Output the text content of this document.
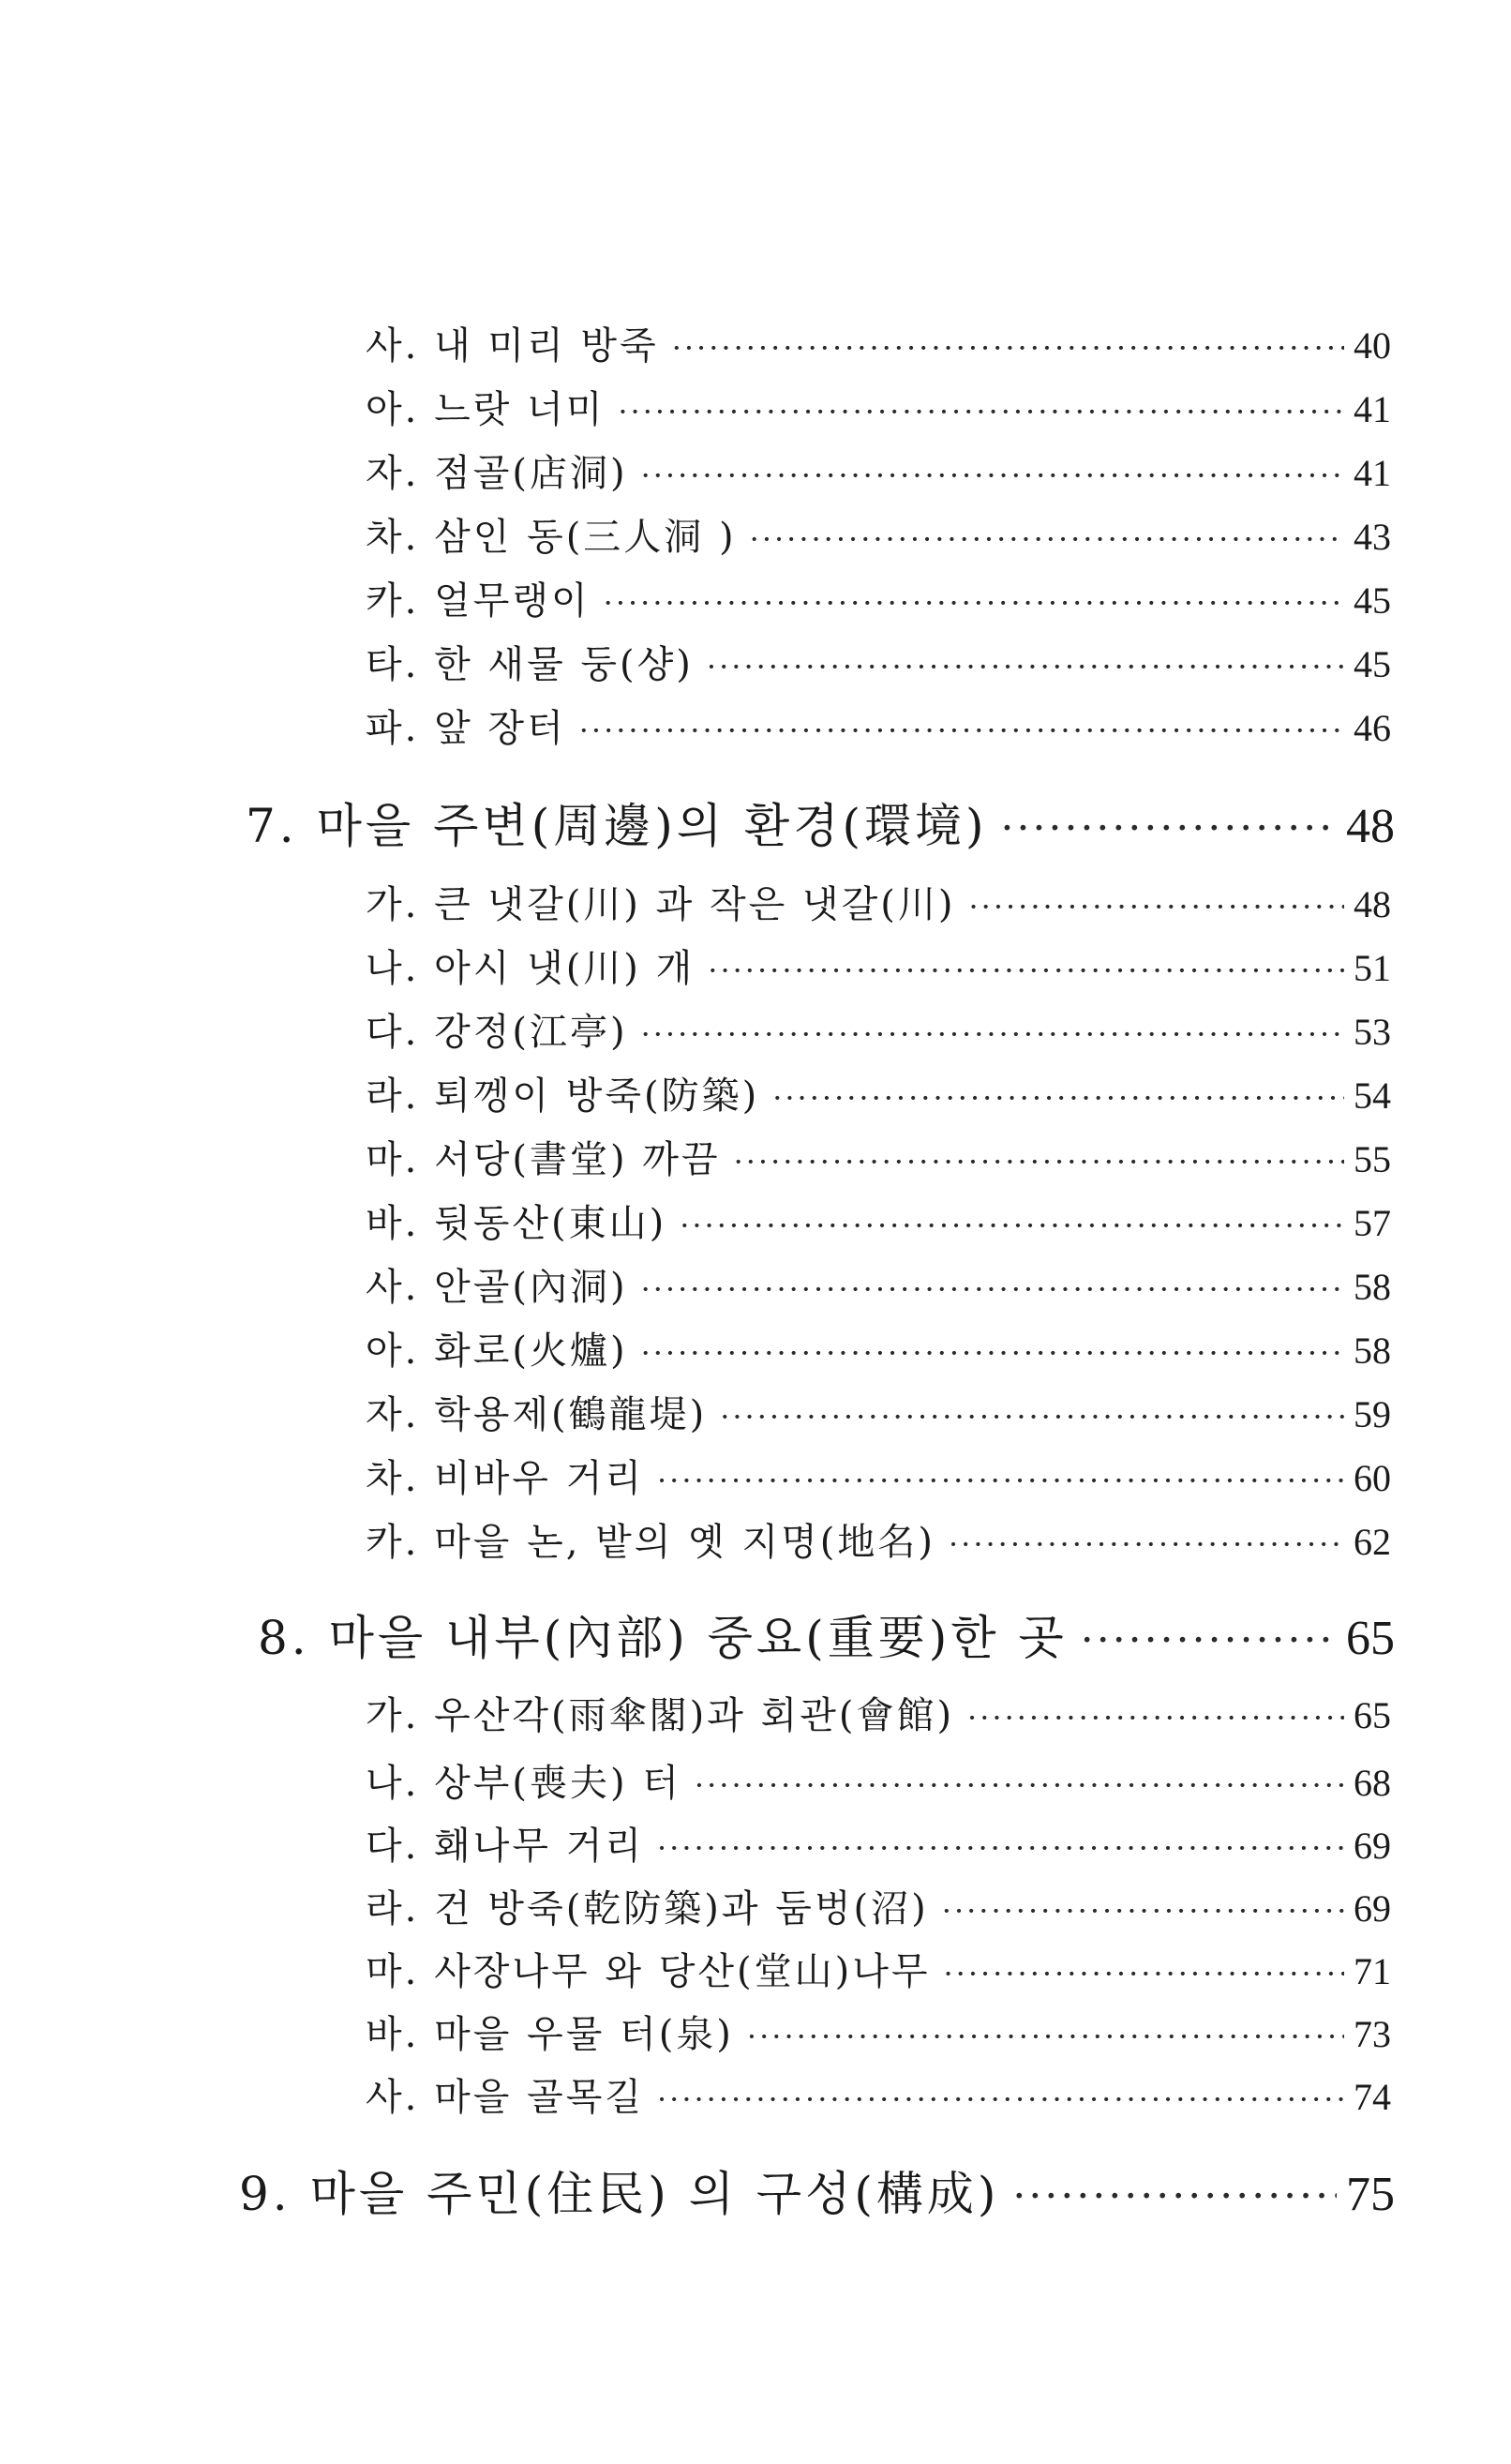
사. 내 미리 방죽 ·····	40
아. 느랏 너미 ·····	41
자. 점골(店洞) ·····	41
차. 삼인 동(三人洞 ) ·····	43
카. 얼무랭이 ·····	45
타. 한 새물 둥(샹) ·····	45
파. 앞 장터 ·····	46
7. 마을 주변(周邊)의 환경(環境) ·····	48
가. 큰 냇갈(川) 과 작은 냇갈(川) ·····	48
나. 아시 냇(川) 개 ·····	51
다. 강정(江亭) ·····	53
라. 퇴껭이 방죽(防築) ·····	54
마. 서당(書堂) 까끔 ·····	55
바. 뒷동산(東山) ·····	57
사. 안골(內洞) ·····	58
아. 화로(火爐) ·····	58
자. 학용제(鶴龍堤) ·····	59
차. 비바우 거리 ·····	60
카. 마을 논, 밭의 옛 지명(地名) ·····	62
8. 마을 내부(內部) 중요(重要)한 곳 ·····	65
가. 우산각(雨傘閣)과 회관(會館) ·····	65
나. 상부(喪夫) 터 ·····	68
다. 홰나무 거리 ·····	69
라. 건 방죽(乾防築)과 둠벙(沼) ·····	69
마. 사장나무 와 당산(堂山)나무 ·····	71
바. 마을 우물 터(泉) ·····	73
사. 마을 골목길 ·····	74
9. 마을 주민(住民) 의 구성(構成) ·····	75
